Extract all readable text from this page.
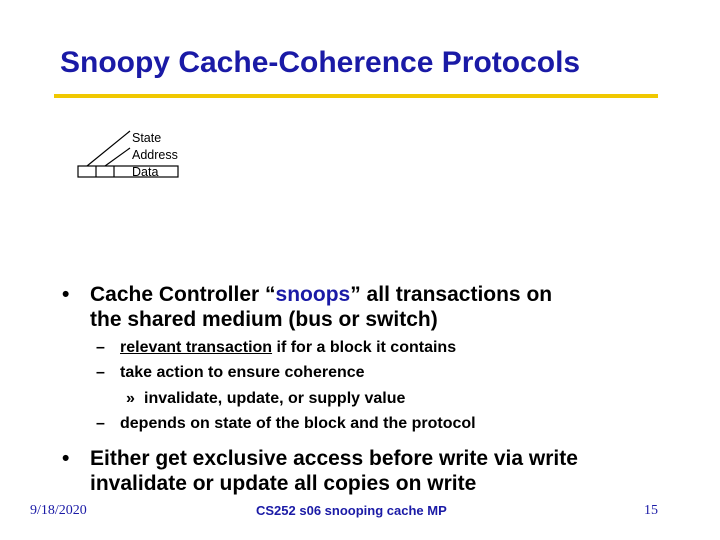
Snoopy Cache-Coherence Protocols
State
Address
Data
• Cache Controller “snoops” all transactions on
the shared medium (bus or switch)
– relevant transaction if for a block it contains
– take action to ensure coherence
» invalidate, update, or supply value
– depends on state of the block and the protocol
• Either get exclusive access before write via write
invalidate or update all copies on write
9/18/2020	CS252 s06 snooping cache MP	15
